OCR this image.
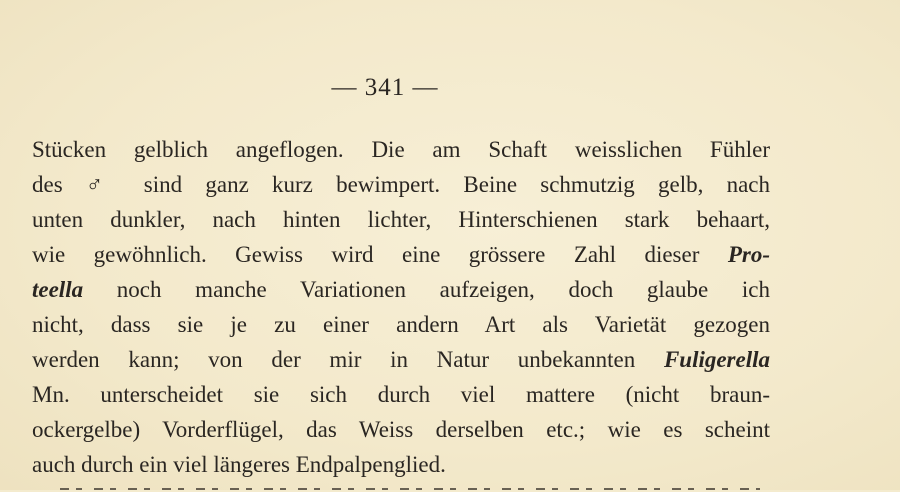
— 341 —
Stücken gelblich angeflogen. Die am Schaft weisslichen Fühler
des ♂ sind ganz kurz bewimpert. Beine schmutzig gelb, nach
unten dunkler, nach hinten lichter, Hinterschienen stark behaart,
wie gewöhnlich. Gewiss wird eine grössere Zahl dieser Pro-
teella noch manche Variationen aufzeigen, doch glaube ich
nicht, dass sie je zu einer andern Art als Varietät gezogen
werden kann; von der mir in Natur unbekannten Fuligerella
Mn. unterscheidet sie sich durch viel mattere (nicht braun-
ockergelbe) Vorderflügel, das Weiss derselben etc.; wie es scheint
auch durch ein viel längeres Endpalpenglied.
